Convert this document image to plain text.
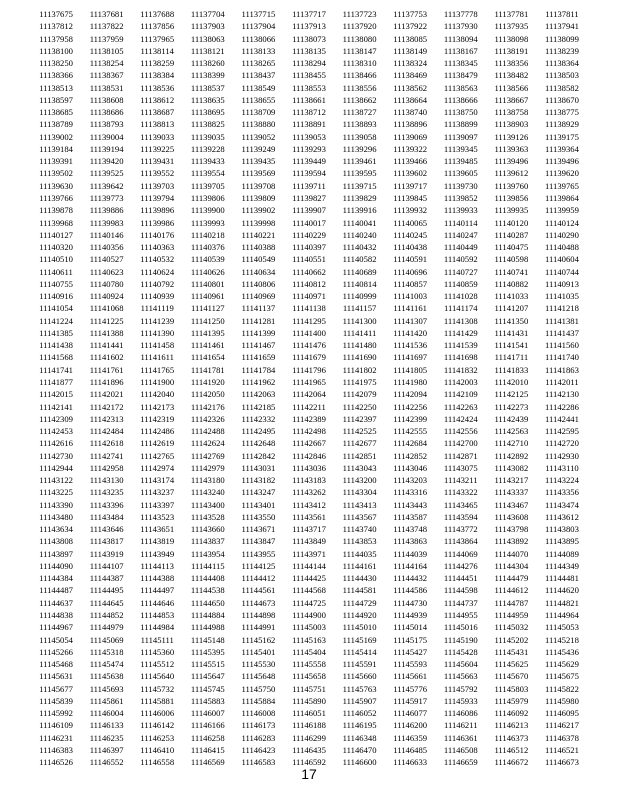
11137675	11137681	11137688	11137704	11137715	11137717	11137723	11137753	11137778	11137781	11137811
11137812	11137822	11137856	11137903	11137904	11137913	11137920	11137922	11137930	11137935	11137941
11137958	11137959	11137965	11138063	11138066	11138073	11138080	11138085	11138094	11138098	11138099
11138100	11138105	11138114	11138121	11138133	11138135	11138147	11138149	11138167	11138191	11138239
11138250	11138254	11138259	11138260	11138265	11138294	11138310	11138324	11138345	11138356	11138364
11138366	11138367	11138384	11138399	11138437	11138455	11138466	11138469	11138479	11138482	11138503
11138513	11138531	11138536	11138537	11138549	11138553	11138556	11138562	11138563	11138566	11138582
11138597	11138608	11138612	11138635	11138655	11138661	11138662	11138664	11138666	11138667	11138670
11138685	11138686	11138687	11138695	11138709	11138712	11138727	11138740	11138750	11138758	11138775
11138789	11138793	11138813	11138825	11138880	11138891	11138893	11138896	11138899	11138903	11138929
11139002	11139004	11139033	11139035	11139052	11139053	11139058	11139069	11139097	11139126	11139175
11139184	11139194	11139225	11139228	11139249	11139293	11139296	11139322	11139345	11139363	11139364
11139391	11139420	11139431	11139433	11139435	11139449	11139461	11139466	11139485	11139496	11139496
11139502	11139525	11139552	11139554	11139569	11139594	11139595	11139602	11139605	11139612	11139620
11139630	11139642	11139703	11139705	11139708	11139711	11139715	11139717	11139730	11139760	11139765
11139766	11139773	11139794	11139806	11139809	11139827	11139829	11139845	11139852	11139856	11139864
11139878	11139886	11139896	11139900	11139902	11139907	11139916	11139932	11139933	11139935	11139959
11139968	11139983	11139986	11139993	11139998	11140017	11140041	11140065	11140114	11140120	11140124
11140127	11140146	11140176	11140218	11140221	11140229	11140240	11140245	11140247	11140287	11140290
11140320	11140356	11140363	11140376	11140388	11140397	11140432	11140438	11140449	11140475	11140488
11140510	11140527	11140532	11140539	11140549	11140551	11140582	11140591	11140592	11140598	11140604
11140611	11140623	11140624	11140626	11140634	11140662	11140689	11140696	11140727	11140741	11140744
11140755	11140780	11140792	11140801	11140806	11140812	11140814	11140857	11140859	11140882	11140913
11140916	11140924	11140939	11140961	11140969	11140971	11140999	11141003	11141028	11141033	11141035
11141054	11141068	11141119	11141127	11141137	11141138	11141157	11141161	11141174	11141207	11141218
11141224	11141225	11141239	11141250	11141281	11141295	11141300	11141307	11141308	11141350	11141381
11141385	11141388	11141390	11141395	11141399	11141400	11141411	11141420	11141429	11141431	11141437
11141438	11141441	11141458	11141461	11141467	11141476	11141480	11141536	11141539	11141541	11141560
11141568	11141602	11141611	11141654	11141659	11141679	11141690	11141697	11141698	11141711	11141740
11141741	11141761	11141765	11141781	11141784	11141796	11141802	11141805	11141832	11141833	11141863
11141877	11141896	11141900	11141920	11141962	11141965	11141975	11141980	11142003	11142010	11142011
11142015	11142021	11142040	11142050	11142063	11142064	11142079	11142094	11142109	11142125	11142130
11142141	11142172	11142173	11142176	11142185	11142211	11142250	11142256	11142263	11142273	11142286
11142309	11142313	11142319	11142326	11142332	11142389	11142397	11142399	11142424	11142439	11142441
11142453	11142484	11142486	11142488	11142495	11142498	11142525	11142555	11142556	11142563	11142595
11142616	11142618	11142619	11142624	11142648	11142667	11142677	11142684	11142700	11142710	11142720
11142730	11142741	11142765	11142769	11142842	11142846	11142851	11142852	11142871	11142892	11142930
11142944	11142958	11142974	11142979	11143031	11143036	11143043	11143046	11143075	11143082	11143110
11143122	11143130	11143174	11143180	11143182	11143183	11143200	11143203	11143211	11143217	11143224
11143225	11143235	11143237	11143240	11143247	11143262	11143304	11143316	11143322	11143337	11143356
11143390	11143396	11143397	11143400	11143401	11143412	11143413	11143443	11143465	11143467	11143474
11143480	11143484	11143523	11143528	11143550	11143561	11143567	11143587	11143594	11143608	11143612
11143634	11143646	11143651	11143660	11143671	11143717	11143740	11143748	11143772	11143798	11143803
11143808	11143817	11143819	11143837	11143847	11143849	11143853	11143863	11143864	11143892	11143895
11143897	11143919	11143949	11143954	11143955	11143971	11144035	11144039	11144069	11144070	11144089
11144090	11144107	11144113	11144115	11144125	11144144	11144161	11144164	11144276	11144304	11144349
11144384	11144387	11144388	11144408	11144412	11144425	11144430	11144432	11144451	11144479	11144481
11144487	11144495	11144497	11144538	11144561	11144568	11144581	11144586	11144598	11144612	11144620
11144637	11144645	11144646	11144650	11144673	11144725	11144729	11144730	11144737	11144787	11144821
11144838	11144852	11144853	11144884	11144898	11144900	11144920	11144939	11144955	11144959	11144964
11144967	11144979	11144984	11144988	11144991	11145003	11145010	11145014	11145016	11145032	11145053
11145054	11145069	11145111	11145148	11145162	11145163	11145169	11145175	11145190	11145202	11145218
11145266	11145318	11145360	11145395	11145401	11145404	11145414	11145427	11145428	11145431	11145436
11145468	11145474	11145512	11145515	11145530	11145558	11145591	11145593	11145604	11145625	11145629
11145631	11145638	11145640	11145647	11145648	11145658	11145660	11145661	11145663	11145670	11145675
11145677	11145693	11145732	11145745	11145750	11145751	11145763	11145776	11145792	11145803	11145822
11145839	11145861	11145881	11145883	11145884	11145890	11145907	11145917	11145933	11145979	11145980
11145992	11146004	11146006	11146007	11146008	11146051	11146052	11146077	11146086	11146092	11146095
11146109	11146133	11146142	11146166	11146173	11146188	11146195	11146200	11146211	11146213	11146217
11146231	11146235	11146253	11146258	11146283	11146299	11146348	11146359	11146361	11146373	11146378
11146383	11146397	11146410	11146415	11146423	11146435	11146470	11146485	11146508	11146512	11146521
11146526	11146552	11146558	11146569	11146583	11146592	11146600	11146633	11146659	11146672	11146673
17
